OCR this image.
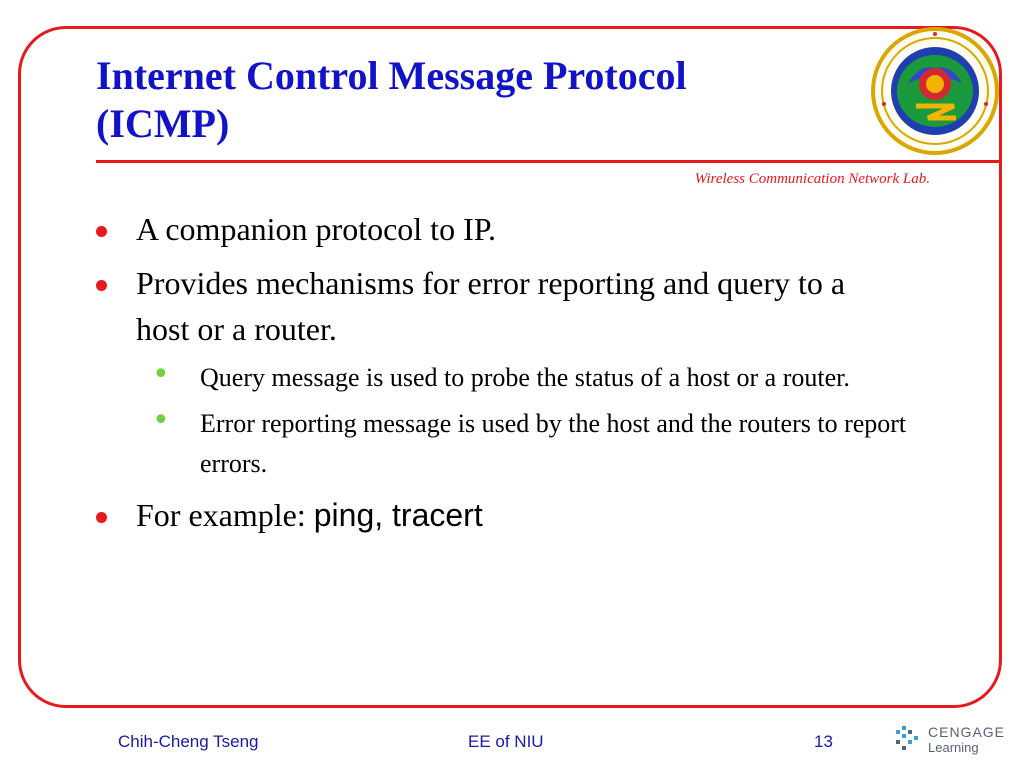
Internet Control Message Protocol
(ICMP)
Wireless Communication Network Lab.
A companion protocol to IP.
Provides mechanisms for error reporting and query to a host or a router.
•	Query message is used to probe the status of a host or a router.
•	Error reporting message is used by the host and the routers to report errors.
For example: ping, tracert
Chih-Cheng Tseng	EE of NIU	13	CENGAGE
Learning
